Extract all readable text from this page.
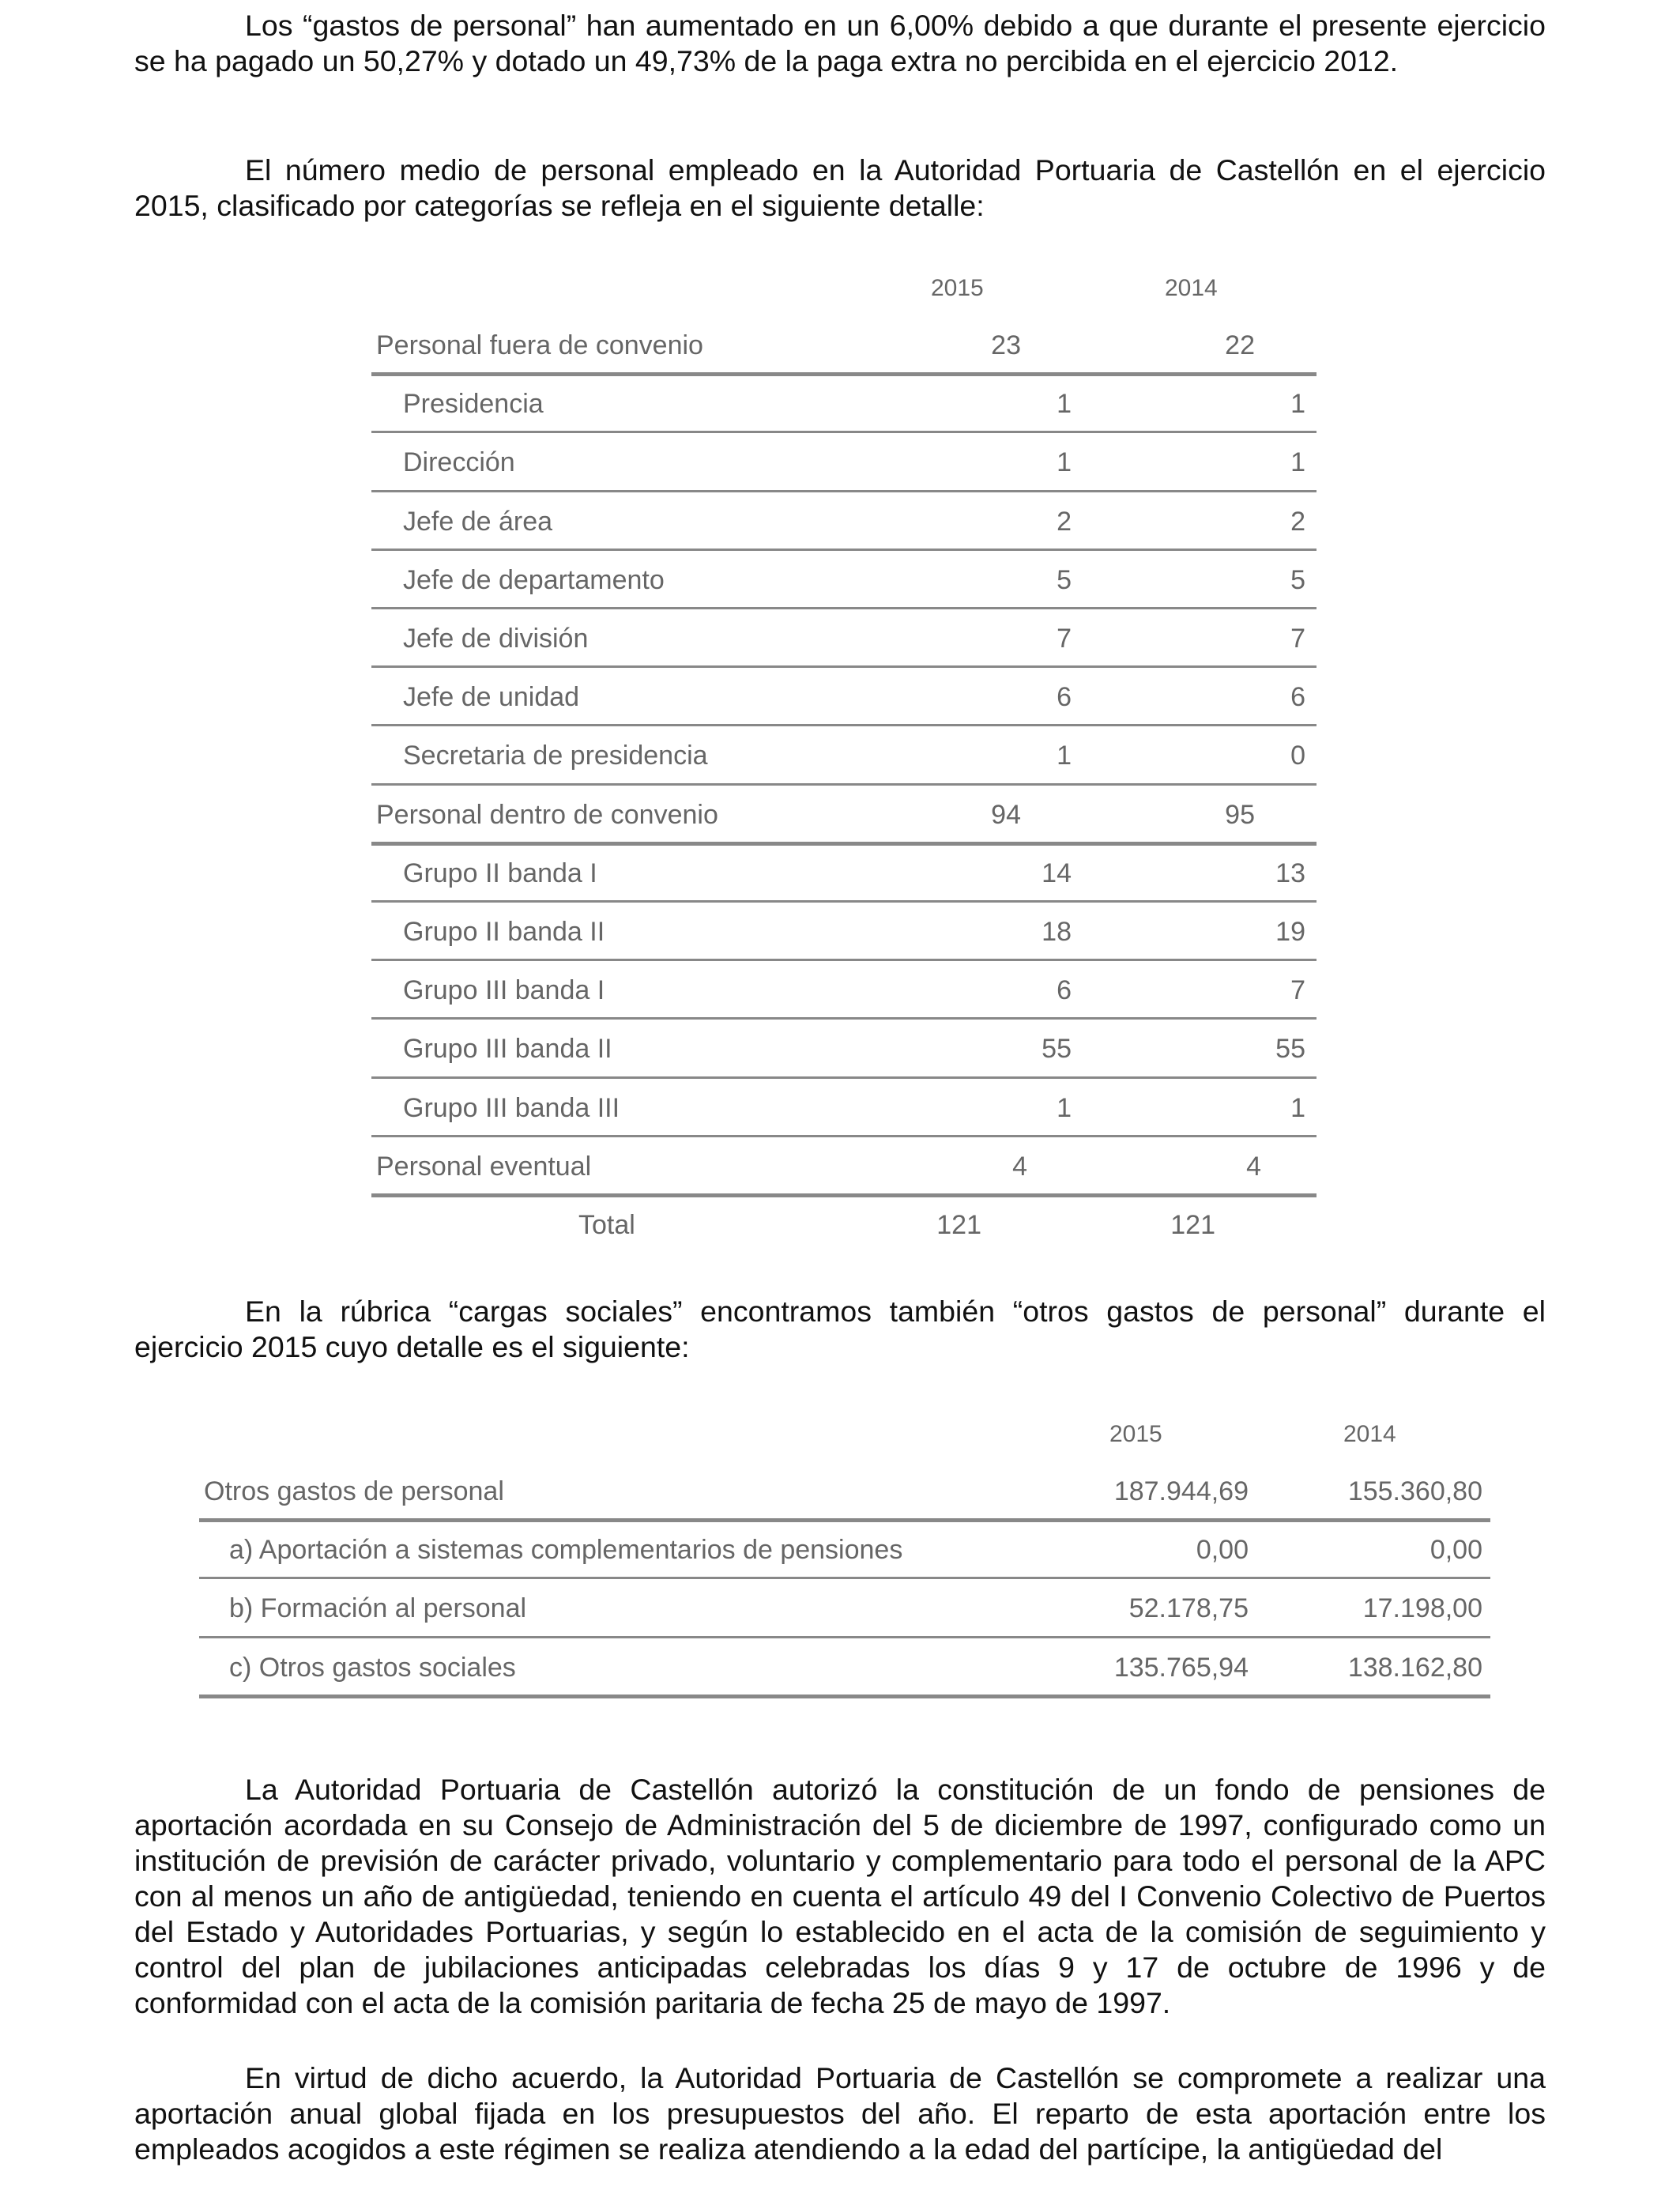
Los “gastos de personal” han aumentado en un 6,00% debido a que durante el presente ejercicio se ha pagado un 50,27% y dotado un 49,73% de la paga extra no percibida en el ejercicio 2012.

El número medio de personal empleado en la Autoridad Portuaria de Castellón en el ejercicio 2015, clasificado por categorías se refleja en el siguiente detalle:

2015	2014
Personal fuera de convenio	23	22
Presidencia	1	1
Dirección	1	1
Jefe de área	2	2
Jefe de departamento	5	5
Jefe de división	7	7
Jefe de unidad	6	6
Secretaria de presidencia	1	0
Personal dentro de convenio	94	95
Grupo II banda I	14	13
Grupo II banda II	18	19
Grupo III banda I	6	7
Grupo III banda II	55	55
Grupo III banda III	1	1
Personal eventual	4	4
Total	121	121

En la rúbrica “cargas sociales” encontramos también “otros gastos de personal” durante el ejercicio 2015 cuyo detalle es el siguiente:

2015	2014
Otros gastos de personal	187.944,69	155.360,80
a) Aportación a sistemas complementarios de pensiones	0,00	0,00
b) Formación al personal	52.178,75	17.198,00
c) Otros gastos sociales	135.765,94	138.162,80

La Autoridad Portuaria de Castellón autorizó la constitución de un fondo de pensiones de aportación acordada en su Consejo de Administración del 5 de diciembre de 1997, configurado como un institución de previsión de carácter privado, voluntario y complementario para todo el personal de la APC con al menos un año de antigüedad, teniendo en cuenta el artículo 49 del I Convenio Colectivo de Puertos del Estado y Autoridades Portuarias, y según lo establecido en el acta de la comisión de seguimiento y control del plan de jubilaciones anticipadas celebradas los días 9 y 17 de octubre de 1996 y de conformidad con el acta de la comisión paritaria de fecha 25 de mayo de 1997.

En virtud de dicho acuerdo, la Autoridad Portuaria de Castellón se compromete a realizar una aportación anual global fijada en los presupuestos del año. El reparto de esta aportación entre los empleados acogidos a este régimen se realiza atendiendo a la edad del partícipe, la antigüedad del
